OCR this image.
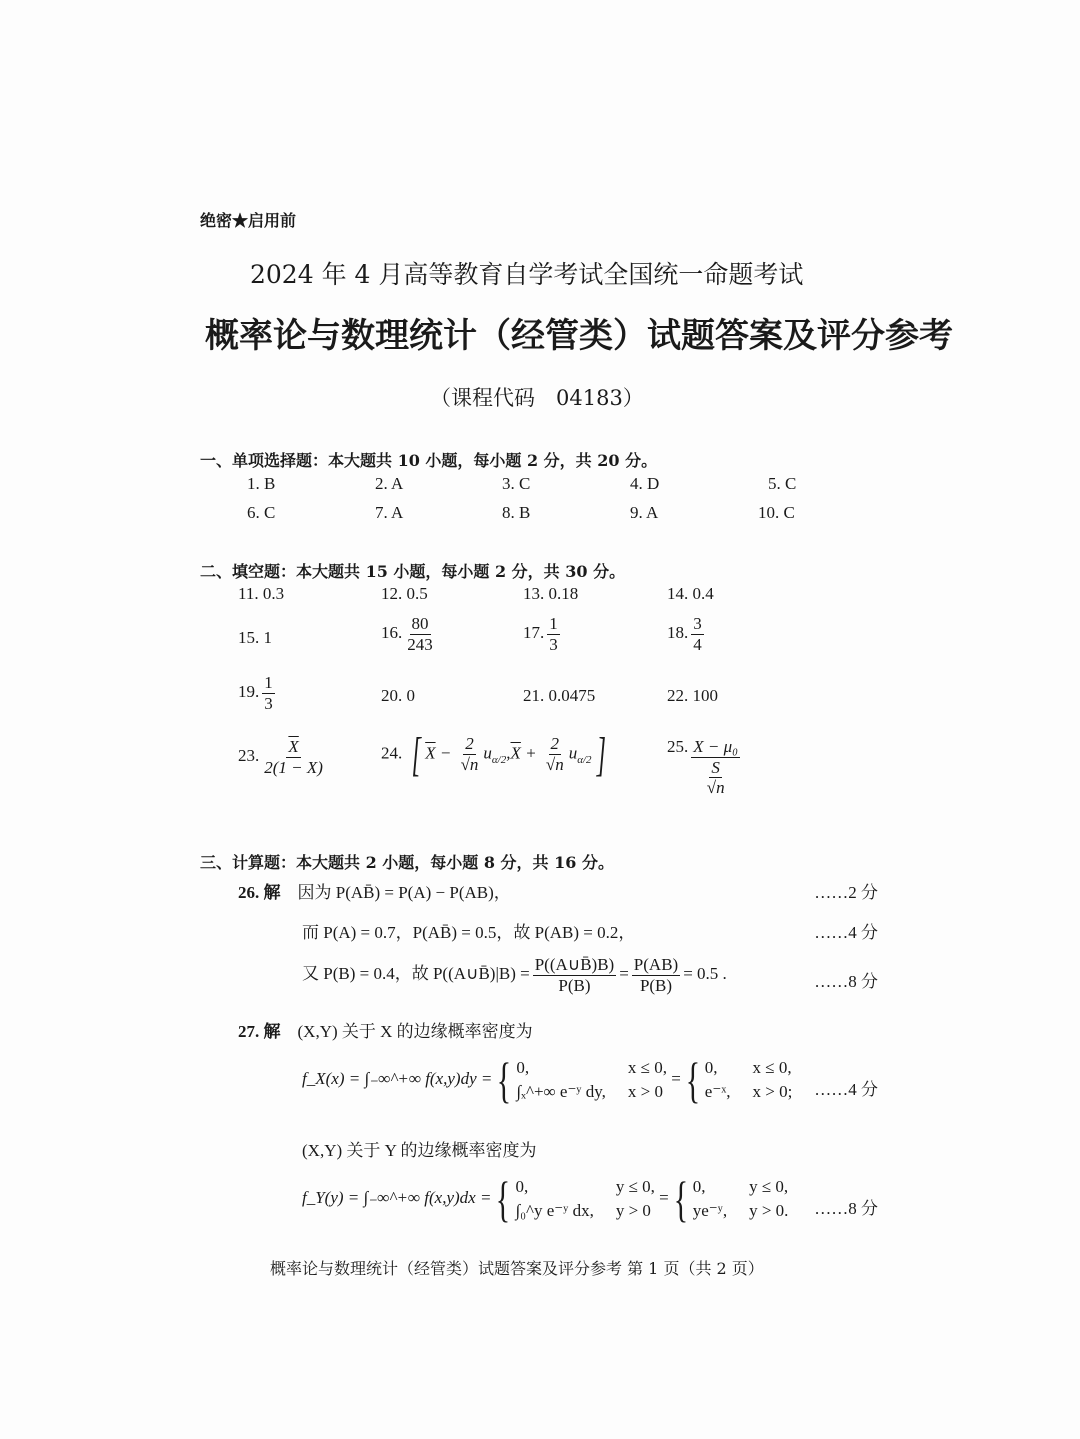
绝密★启用前
2024 年 4 月高等教育自学考试全国统一命题考试
概率论与数理统计（经管类）试题答案及评分参考
（课程代码　04183）
一、单项选择题：本大题共 10 小题，每小题 2 分，共 20 分。
1. B	2. A	3. C	4. D	5. C
6. C	7. A	8. B	9. A	10. C
二、填空题：本大题共 15 小题，每小题 2 分，共 30 分。
11. 0.3	12. 0.5	13. 0.18	14. 0.4
15. 1	16. $\frac{80}{243}$	17. $\frac{1}{3}$	18. $\frac{3}{4}$
19. $\frac{1}{3}$	20. 0	21. 0.0475	22. 100
23. $\frac{\overline{X}}{2(1 - X)}$	24. [ $\overline{X} - \frac{2}{√n} u_{\alpha/2},\overline{X} + \frac{2}{√n} u_{\alpha/2}$]	25. X − μ₀
S
√n
三、计算题：本大题共 2 小题，每小题 8 分，共 16 分。
26. 解　 因为 P(AB̄) = P(A) − P(AB)，	……2 分
而 P(A) = 0.7，P(AB̄) = 0.5，故 P(AB) = 0.2，	……4 分
又 P(B) = 0.4，故 P((A∪B̄)|B) = $\frac{P((A\cup B̄)B)}{P(B)} = \frac{P(AB)}{P(B)} = 0.5$ .	……8 分
27. 解　 (X,Y) 关于 X 的边缘概率密度为
f_X(x) = ∫₋∞^+∞ f(x,y)dy ={ 0,	x ≤ 0,
∫ₓ^+∞ e⁻ʸ dy, x > 0
={ 0,	x ≤ 0,
e⁻ˣ, x > 0; ……4 分
(X,Y) 关于 Y 的边缘概率密度为
f_Y(y) = ∫₋∞^+∞ f(x,y)dx ={ 0,	y ≤ 0,
∫₀^y e⁻ʸ dx, y > 0
={ 0,	y ≤ 0,
ye⁻ʸ, y > 0. ……8 分
概率论与数理统计（经管类）试题答案及评分参考 第 1 页（共 2 页）
